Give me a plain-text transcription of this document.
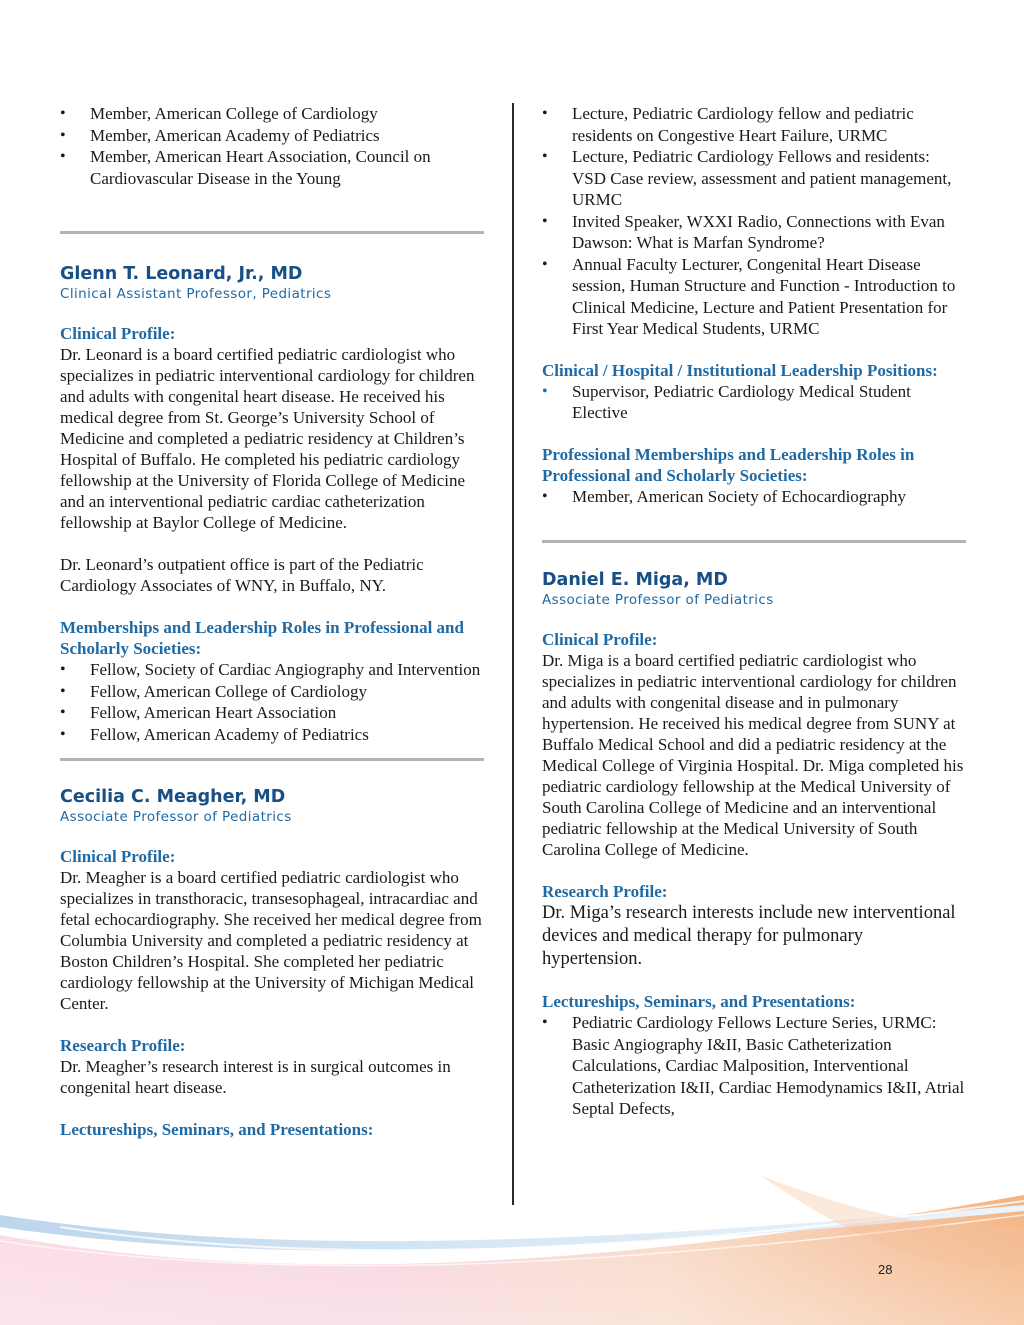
• Member, American College of Cardiology
• Member, American Academy of Pediatrics
• Member, American Heart Association, Council on Cardiovascular Disease in the Young

Glenn T. Leonard, Jr., MD

Clinical Assistant Professor, Pediatrics

Clinical Profile:

Dr. Leonard is a board certified pediatric cardiologist who specializes in pediatric interventional cardiology for children and adults with congenital heart disease. He received his medical degree from St. George’s University School of Medicine and completed a pediatric residency at Children’s Hospital of Buffalo. He completed his pediatric cardiology fellowship at the University of Florida College of Medicine and an interventional pediatric cardiac catheterization fellowship at Baylor College of Medicine.

Dr. Leonard’s outpatient office is part of the Pediatric Cardiology Associates of WNY, in Buffalo, NY.

Memberships and Leadership Roles in Professional and Scholarly Societies:

• Fellow, Society of Cardiac Angiography and Intervention
• Fellow, American College of Cardiology
• Fellow, American Heart Association
• Fellow, American Academy of Pediatrics

Cecilia C. Meagher, MD

Associate Professor of Pediatrics

Clinical Profile:

Dr. Meagher is a board certified pediatric cardiologist who specializes in transthoracic, transesophageal, intracardiac and fetal echocardiography. She received her medical degree from Columbia University and completed a pediatric residency at Boston Children’s Hospital. She completed her pediatric cardiology fellowship at the University of Michigan Medical Center.

Research Profile:

Dr. Meagher’s research interest is in surgical outcomes in congenital heart disease.

Lectureships, Seminars, and Presentations:

• Lecture, Pediatric Cardiology fellow and pediatric residents on Congestive Heart Failure, URMC
• Lecture, Pediatric Cardiology Fellows and residents: VSD Case review, assessment and patient management, URMC
• Invited Speaker, WXXI Radio, Connections with Evan Dawson: What is Marfan Syndrome?
• Annual Faculty Lecturer, Congenital Heart Disease session, Human Structure and Function - Introduction to Clinical Medicine, Lecture and Patient Presentation for First Year Medical Students, URMC

Clinical / Hospital / Institutional Leadership Positions:

• Supervisor, Pediatric Cardiology Medical Student Elective

Professional Memberships and Leadership Roles in Professional and Scholarly Societies:

• Member, American Society of Echocardiography

Daniel E. Miga, MD

Associate Professor of Pediatrics

Clinical Profile:

Dr. Miga is a board certified pediatric cardiologist who specializes in pediatric interventional cardiology for children and adults with congenital disease and in pulmonary hypertension. He received his medical degree from SUNY at Buffalo Medical School and did a pediatric residency at the Medical College of Virginia Hospital. Dr. Miga completed his pediatric cardiology fellowship at the Medical University of South Carolina College of Medicine and an interventional pediatric fellowship at the Medical University of South Carolina College of Medicine.

Research Profile:

Dr. Miga’s research interests include new interventional devices and medical therapy for pulmonary hypertension.

Lectureships, Seminars, and Presentations:

• Pediatric Cardiology Fellows Lecture Series, URMC: Basic Angiography I&II, Basic Catheterization Calculations, Cardiac Malposition, Interventional Catheterization I&II, Cardiac Hemodynamics I&II, Atrial Septal Defects,
28
